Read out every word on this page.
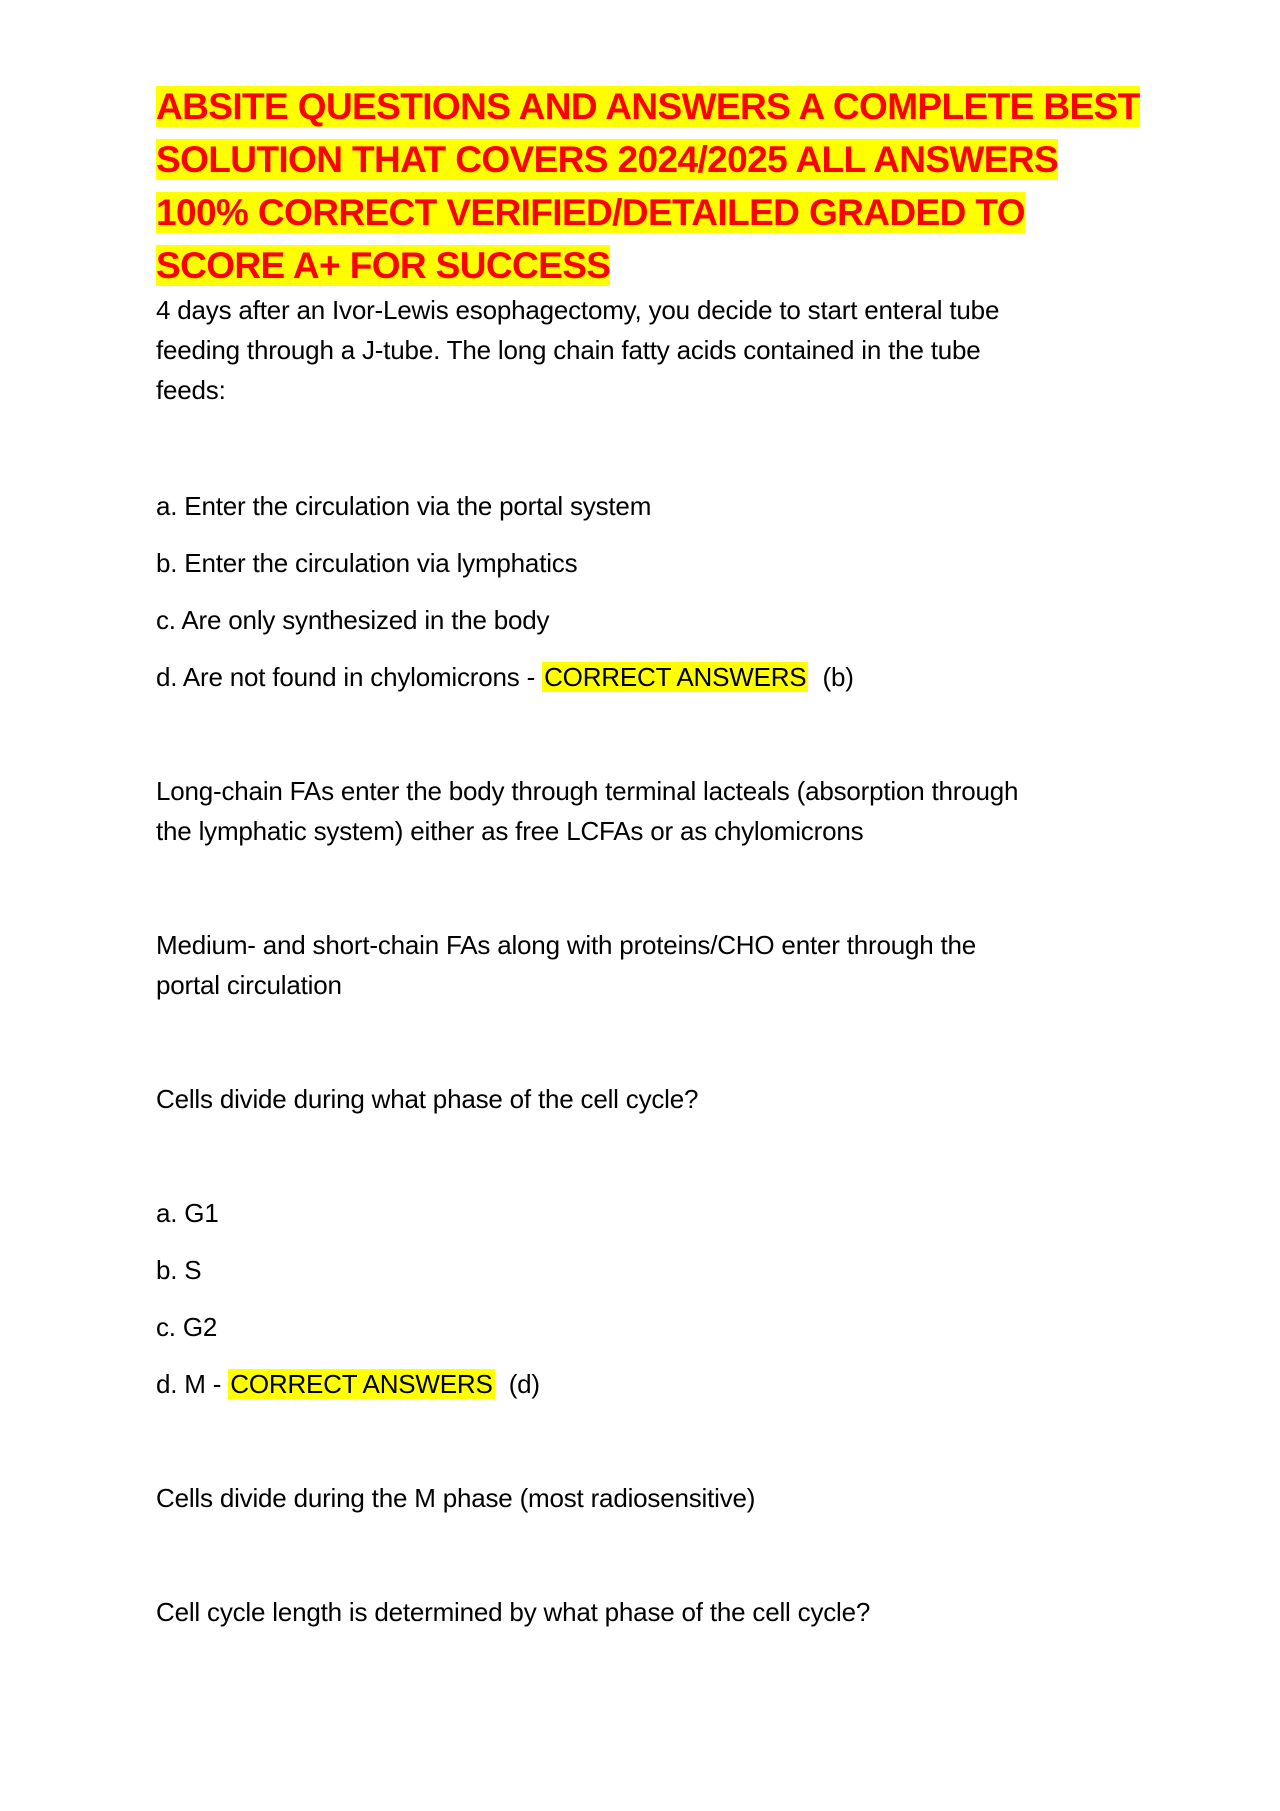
ABSITE QUESTIONS AND ANSWERS A COMPLETE BEST
SOLUTION THAT COVERS 2024/2025 ALL ANSWERS
100% CORRECT VERIFIED/DETAILED GRADED TO
SCORE A+ FOR SUCCESS

4 days after an Ivor-Lewis esophagectomy, you decide to start enteral tube
feeding through a J-tube. The long chain fatty acids contained in the tube
feeds:

a. Enter the circulation via the portal system

b. Enter the circulation via lymphatics

c. Are only synthesized in the body

d. Are not found in chylomicrons - CORRECT ANSWERS (b)

Long-chain FAs enter the body through terminal lacteals (absorption through
the lymphatic system) either as free LCFAs or as chylomicrons

Medium- and short-chain FAs along with proteins/CHO enter through the
portal circulation

Cells divide during what phase of the cell cycle?

a. G1

b. S

c. G2

d. M - CORRECT ANSWERS (d)

Cells divide during the M phase (most radiosensitive)

Cell cycle length is determined by what phase of the cell cycle?
